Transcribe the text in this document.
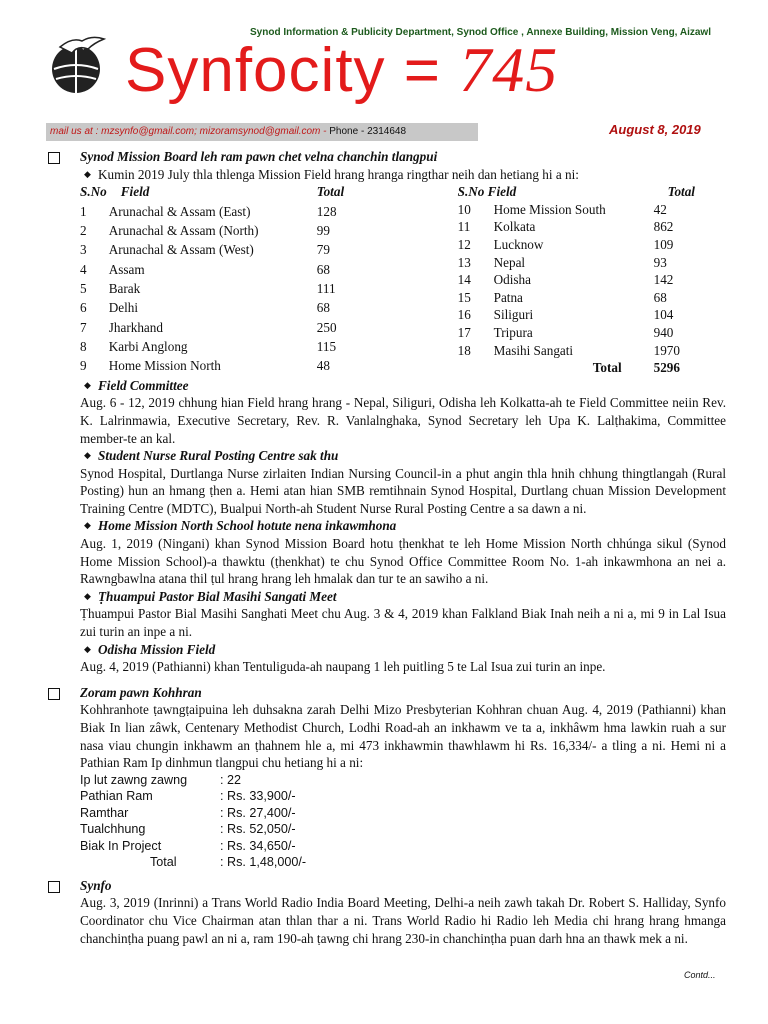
Synod Information & Publicity Department, Synod Office , Annexe Building, Mission Veng, Aizawl
Synfocity = 745
mail us at : mzsynfo@gmail.com; mizoramsynod@gmail.com - Phone - 2314648	August 8, 2019
Synod Mission Board leh ram pawn chet velna chanchin tlangpui
◆ Kumin 2019 July thla thlenga Mission Field hrang hranga ringthar neih dan hetiang hi a ni:
S.No	Field	Total
1	Arunachal & Assam (East)	128
2	Arunachal & Assam (North)	99
3	Arunachal & Assam (West)	79
4	Assam	68
5	Barak	111
6	Delhi	68
7	Jharkhand	250
8	Karbi Anglong	115
9	Home Mission North	48
S.No Field		Total
10	Home Mission South	42
11	Kolkata	862
12	Lucknow	109
13	Nepal	93
14	Odisha	142
15	Patna	68
16	Siliguri	104
17	Tripura	940
18	Masihi Sangati	1970
	Total	5296
◆ Field Committee
Aug. 6 - 12, 2019 chhung hian Field hrang hrang - Nepal, Siliguri, Odisha leh Kolkatta-ah te Field Committee neiin Rev. K. Lalrinmawia, Executive Secretary, Rev. R. Vanlalnghaka, Synod Secretary leh Upa K. Lalṭhakima, Committee member-te an kal.
◆ Student Nurse Rural Posting Centre sak thu
Synod Hospital, Durtlanga Nurse zirlaiten Indian Nursing Council-in a phut angin thla hnih chhung thingtlangah (Rural Posting) hun an hmang ṭhen a. Hemi atan hian SMB remtihnain Synod Hospital, Durtlang chuan Mission Development Training Centre (MDTC), Bualpui North-ah Student Nurse Rural Posting Centre a sa dawn a ni.
◆ Home Mission North School hotute nena inkawmhona
Aug. 1, 2019 (Ningani) khan Synod Mission Board hotu ṭhenkhat te leh Home Mission North chhúnga sikul (Synod Home Mission School)-a thawktu (ṭhenkhat) te chu Synod Office Committee Room No. 1-ah inkawmhona an nei a. Rawngbawlna atana thil ṭul hrang hrang leh hmalak dan tur te an sawiho a ni.
◆ Ṭhuampui Pastor Bial Masihi Sangati Meet
Ṭhuampui Pastor Bial Masihi Sanghati Meet chu Aug. 3 & 4, 2019 khan Falkland Biak Inah neih a ni a, mi 9 in Lal Isua zui turin an inpe a ni.
◆ Odisha Mission Field
Aug. 4, 2019 (Pathianni) khan Tentuliguda-ah naupang 1 leh puitling 5 te Lal Isua zui turin an inpe.
Zoram pawn Kohhran
Kohhranhote ṭawngṭaipuina leh duhsakna zarah Delhi Mizo Presbyterian Kohhran chuan Aug. 4, 2019 (Pathianni) khan Biak In lian zâwk, Centenary Methodist Church, Lodhi Road-ah an inkhawm ve ta a, inkhâwm hma lawkin ruah a sur nasa viau chungin inkhawm an ṭhahnem hle a, mi 473 inkhawmin thawhlawm hi Rs. 16,334/- a tling a ni. Hemi ni a Pathian Ram Ip dinhmun tlangpui chu hetiang hi a ni:
Ip lut zawng zawng	: 22
Pathian Ram	: Rs. 33,900/-
Ramthar	: Rs. 27,400/-
Tualchhung	: Rs. 52,050/-
Biak In Project	: Rs. 34,650/-
Total	: Rs. 1,48,000/-
Synfo
Aug. 3, 2019 (Inrinni) a Trans World Radio India Board Meeting, Delhi-a neih zawh takah Dr. Robert S. Halliday, Synfo Coordinator chu Vice Chairman atan thlan thar a ni. Trans World Radio hi Radio leh Media chi hrang hrang hmanga chanchinṭha puang pawl an ni a, ram 190-ah ṭawng chi hrang 230-in chanchinṭha puan darh hna an thawk mek a ni.
Contd...
